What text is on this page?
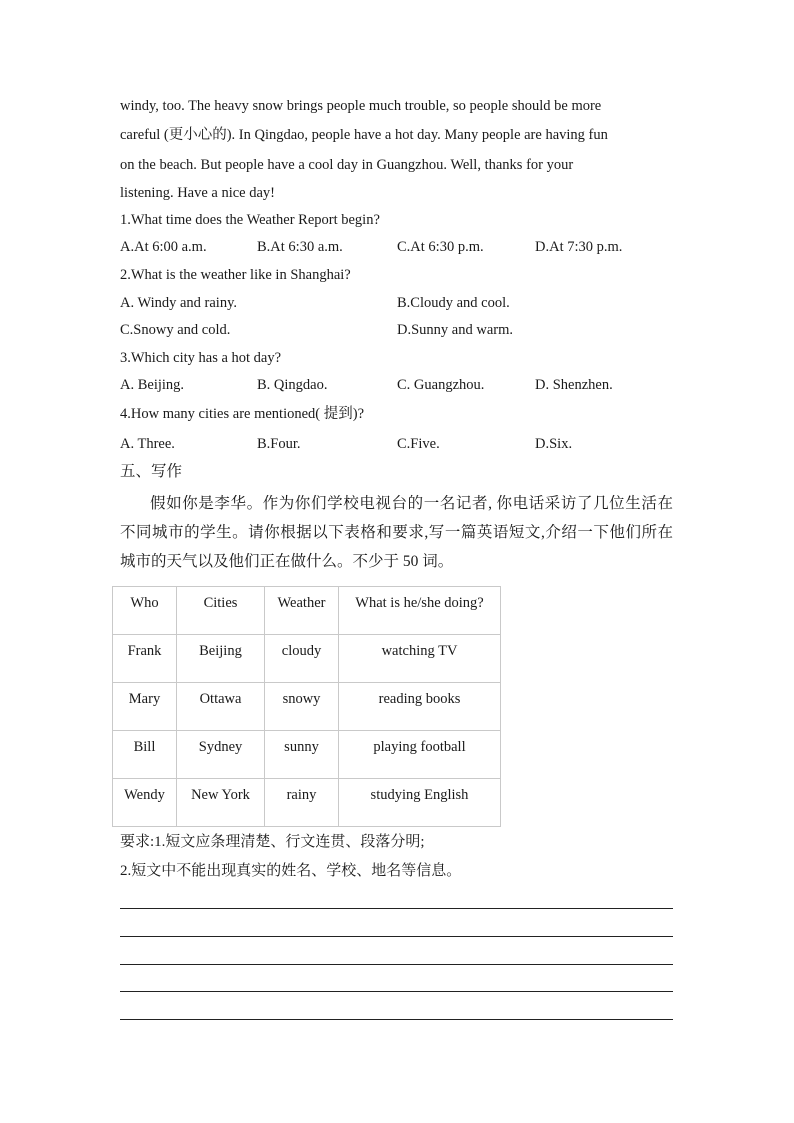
windy, too. The heavy snow brings people much trouble, so people should be more
careful (更小心的). In Qingdao, people have a hot day. Many people are having fun
on the beach. But people have a cool day in Guangzhou. Well, thanks for your
listening. Have a nice day!
1.What time does the Weather Report begin?
A.At 6:00 a.m.	B.At 6:30 a.m.	C.At 6:30 p.m.	D.At 7:30 p.m.
2.What is the weather like in Shanghai?
A. Windy and rainy.	B.Cloudy and cool.
C.Snowy and cold.	D.Sunny and warm.
3.Which city has a hot day?
A. Beijing.	B. Qingdao.	C. Guangzhou.	D. Shenzhen.
4.How many cities are mentioned( 提到)?
A. Three.	B.Four.	C.Five.	D.Six.
五、写作
假如你是李华。作为你们学校电视台的一名记者, 你电话采访了几位生活在
不同城市的学生。请你根据以下表格和要求,写一篇英语短文,介绍一下他们所在
城市的天气以及他们正在做什么。不少于 50 词。
Who	Cities	Weather	What is he/she doing?
Frank	Beijing	cloudy	watching TV
Mary	Ottawa	snowy	reading books
Bill	Sydney	sunny	playing football
Wendy	New York	rainy	studying English
要求:1.短文应条理清楚、行文连贯、段落分明;
2.短文中不能出现真实的姓名、学校、地名等信息。
